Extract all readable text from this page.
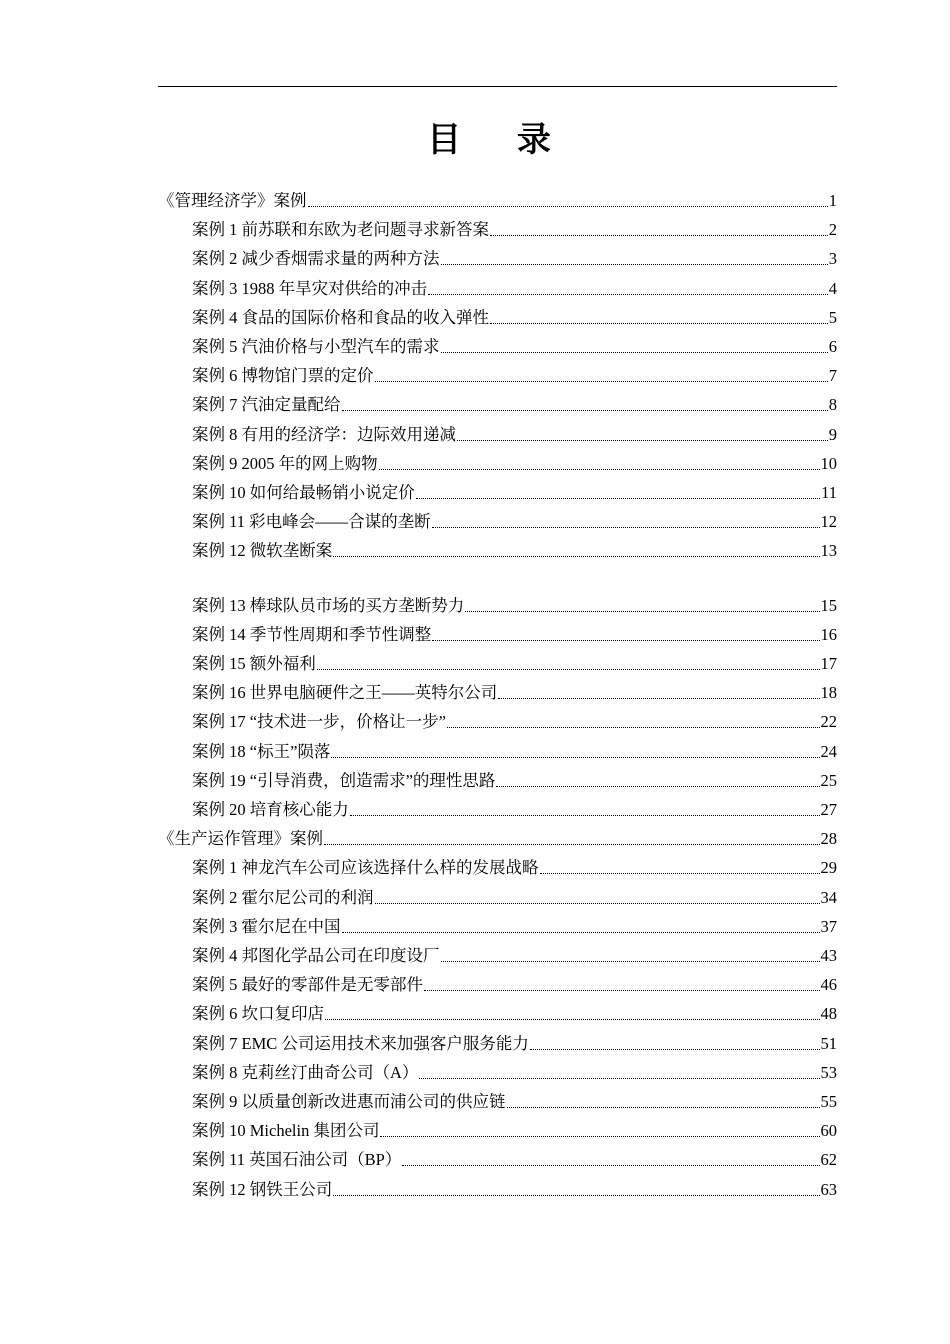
目 录
《管理经济学》案例	1
案例 1 前苏联和东欧为老问题寻求新答案	2
案例 2 减少香烟需求量的两种方法	3
案例 3 1988 年旱灾对供给的冲击	4
案例 4 食品的国际价格和食品的收入弹性	5
案例 5 汽油价格与小型汽车的需求	6
案例 6 博物馆门票的定价	7
案例 7 汽油定量配给	8
案例 8 有用的经济学：边际效用递减	9
案例 9 2005 年的网上购物	10
案例 10 如何给最畅销小说定价	11
案例 11 彩电峰会——合谋的垄断	12
案例 12 微软垄断案	13
案例 13 棒球队员市场的买方垄断势力	15
案例 14 季节性周期和季节性调整	16
案例 15 额外福利	17
案例 16 世界电脑硬件之王——英特尔公司	18
案例 17 “技术进一步，价格让一步”	22
案例 18 “标王”陨落	24
案例 19 “引导消费，创造需求”的理性思路	25
案例 20 培育核心能力	27
《生产运作管理》案例	28
案例 1 神龙汽车公司应该选择什么样的发展战略	29
案例 2 霍尔尼公司的利润	34
案例 3 霍尔尼在中国	37
案例 4 邦图化学品公司在印度设厂	43
案例 5 最好的零部件是无零部件	46
案例 6 坎口复印店	48
案例 7 EMC 公司运用技术来加强客户服务能力	51
案例 8 克莉丝汀曲奇公司（A）	53
案例 9 以质量创新改进惠而浦公司的供应链	55
案例 10 Michelin 集团公司	60
案例 11 英国石油公司（BP）	62
案例 12 钢铁王公司	63
